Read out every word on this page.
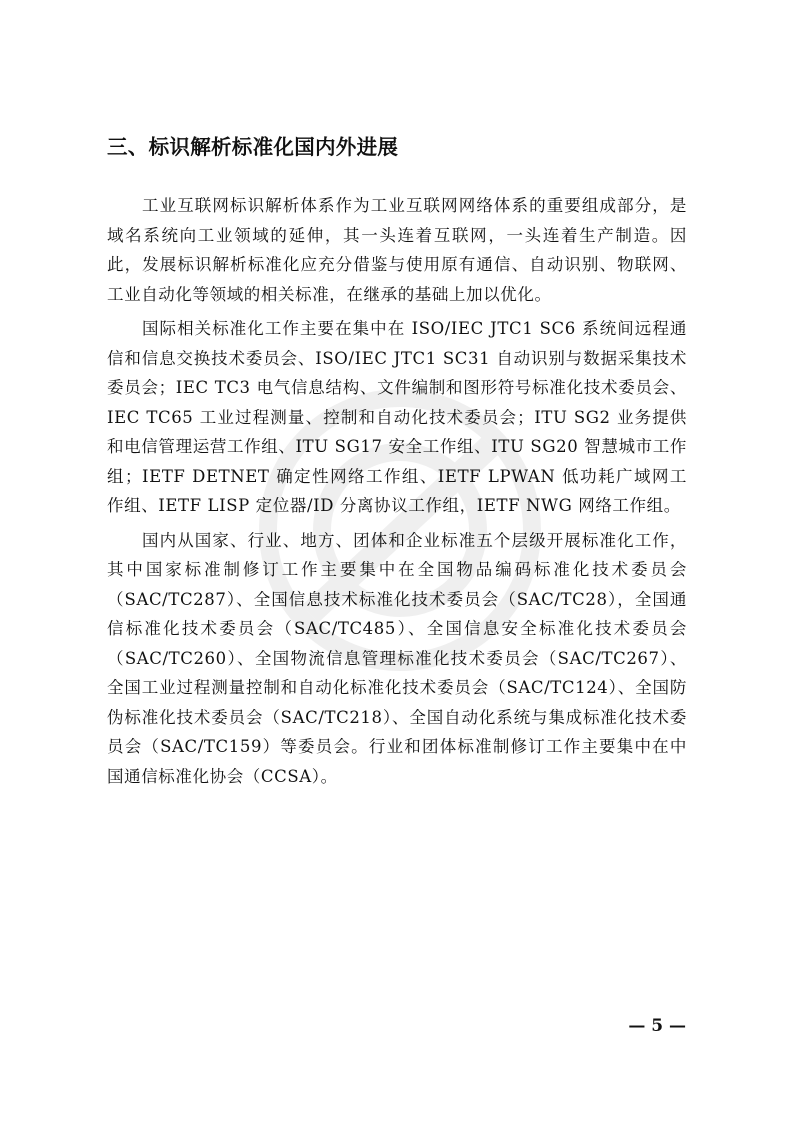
三、标识解析标准化国内外进展

工业互联网标识解析体系作为工业互联网网络体系的重要组成部分，是域名系统向工业领域的延伸，其一头连着互联网，一头连着生产制造。因此，发展标识解析标准化应充分借鉴与使用原有通信、自动识别、物联网、工业自动化等领域的相关标准，在继承的基础上加以优化。

国际相关标准化工作主要在集中在 ISO/IEC JTC1 SC6 系统间远程通信和信息交换技术委员会、ISO/IEC JTC1 SC31 自动识别与数据采集技术委员会；IEC TC3 电气信息结构、文件编制和图形符号标准化技术委员会、IEC TC65 工业过程测量、控制和自动化技术委员会；ITU SG2 业务提供和电信管理运营工作组、ITU SG17 安全工作组、ITU SG20 智慧城市工作组；IETF DETNET 确定性网络工作组、IETF LPWAN 低功耗广域网工作组、IETF LISP 定位器/ID 分离协议工作组，IETF NWG 网络工作组。

国内从国家、行业、地方、团体和企业标准五个层级开展标准化工作，其中国家标准制修订工作主要集中在全国物品编码标准化技术委员会（SAC/TC287）、全国信息技术标准化技术委员会（SAC/TC28），全国通信标准化技术委员会（SAC/TC485）、全国信息安全标准化技术委员会（SAC/TC260）、全国物流信息管理标准化技术委员会（SAC/TC267）、全国工业过程测量控制和自动化标准化技术委员会（SAC/TC124）、全国防伪标准化技术委员会（SAC/TC218）、全国自动化系统与集成标准化技术委员会（SAC/TC159）等委员会。行业和团体标准制修订工作主要集中在中国通信标准化协会（CCSA）。

— 5 —
